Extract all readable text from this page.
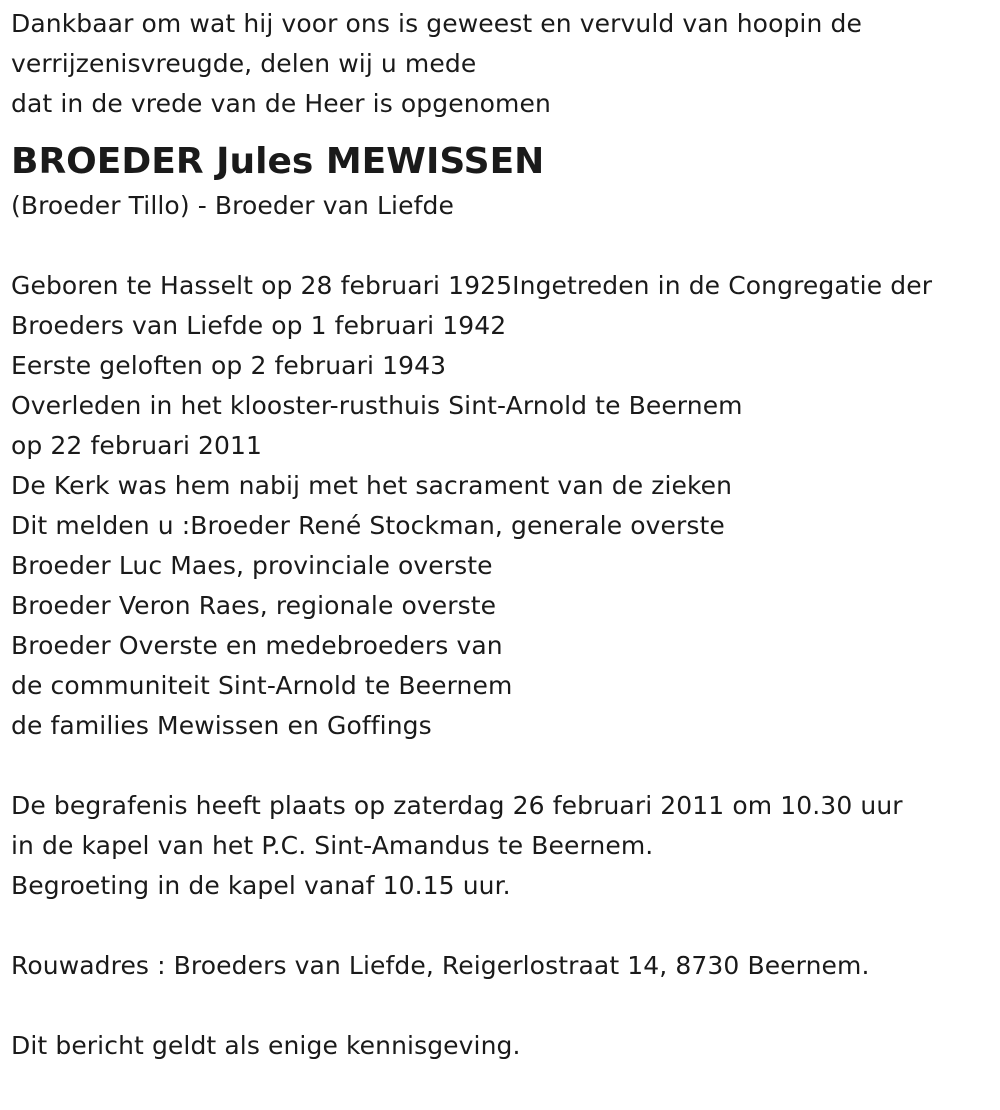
Dankbaar om wat hij voor ons is geweest en vervuld van hoopin de
verrijzenisvreugde, delen wij u mede
dat in de vrede van de Heer is opgenomen
BROEDER Jules MEWISSEN
(Broeder Tillo) - Broeder van Liefde
Geboren te Hasselt op 28 februari 1925Ingetreden in de Congregatie der
Broeders van Liefde op 1 februari 1942
Eerste geloften op 2 februari 1943
Overleden in het klooster-rusthuis Sint-Arnold te Beernem
op 22 februari 2011
De Kerk was hem nabij met het sacrament van de zieken
Dit melden u :Broeder René Stockman, generale overste
Broeder Luc Maes, provinciale overste
Broeder Veron Raes, regionale overste
Broeder Overste en medebroeders van
de communiteit Sint-Arnold te Beernem
de families Mewissen en Goffings
De begrafenis heeft plaats op zaterdag 26 februari 2011 om 10.30 uur
in de kapel van het P.C. Sint-Amandus te Beernem.
Begroeting in de kapel vanaf 10.15 uur.
Rouwadres : Broeders van Liefde, Reigerlostraat 14, 8730 Beernem.
Dit bericht geldt als enige kennisgeving.
